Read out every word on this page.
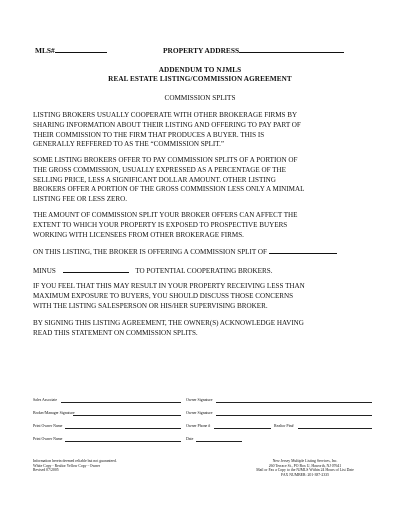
MLS#	PROPERTY ADDRESS
ADDENDUM TO NJMLS
REAL ESTATE LISTING/COMMISSION AGREEMENT
COMMISSION SPLITS
LISTING BROKERS USUALLY COOPERATE WITH OTHER BROKERAGE FIRMS BY
SHARING INFORMATION ABOUT THEIR LISTING AND OFFERING TO PAY PART OF
THEIR COMMISSION TO THE FIRM THAT PRODUCES A BUYER. THIS IS
GENERALLY REFFERED TO AS THE “COMMISSION SPLIT.”
SOME LISTING BROKERS OFFER TO PAY COMMISSION SPLITS OF A PORTION OF
THE GROSS COMMISSION, USUALLY EXPRESSED AS A PERCENTAGE OF THE
SELLING PRICE, LESS A SIGNIFICANT DOLLAR AMOUNT. OTHER LISTING
BROKERS OFFER A PORTION OF THE GROSS COMMISSION LESS ONLY A MINIMAL
LISTING FEE OR LESS ZERO.
THE AMOUNT OF COMMISSION SPLIT YOUR BROKER OFFERS CAN AFFECT THE
EXTENT TO WHICH YOUR PROPERTY IS EXPOSED TO PROSPECTIVE BUYERS
WORKING WITH LICENSEES FROM OTHER BROKERAGE FIRMS.
ON THIS LISTING, THE BROKER IS OFFERING A COMMISSION SPLIT OF
MINUS	TO POTENTIAL COOPERATING BROKERS.
IF YOU FEEL THAT THIS MAY RESULT IN YOUR PROPERTY RECEIVING LESS THAN
MAXIMUM EXPOSURE TO BUYERS, YOU SHOULD DISCUSS THOSE CONCERNS
WITH THE LISTING SALESPERSON OR HIS/HER SUPERVISING BROKER.
BY SIGNING THIS LISTING AGREEMENT, THE OWNER(S) ACKNOWLEDGE HAVING
READ THIS STATEMENT ON COMMISSION SPLITS.
Sales Associate	Owner Signature
Broker/Manager Signature	Owner Signature
Print Owner Name	Owner Phone #	Realtor Pin#
Print Owner Name	Date
Information herein deemed reliable but not guaranteed.
White Copy - Realtor Yellow Copy - Owner
Revised 07/2005
New Jersey Multiple Listing Services, Inc.
260 Terrace St., PO Box U, Haworth, NJ 07641
Mail or Fax a Copy to the NJMLS Within 24 Hours of List Date
FAX NUMBER: 201-387-2335
